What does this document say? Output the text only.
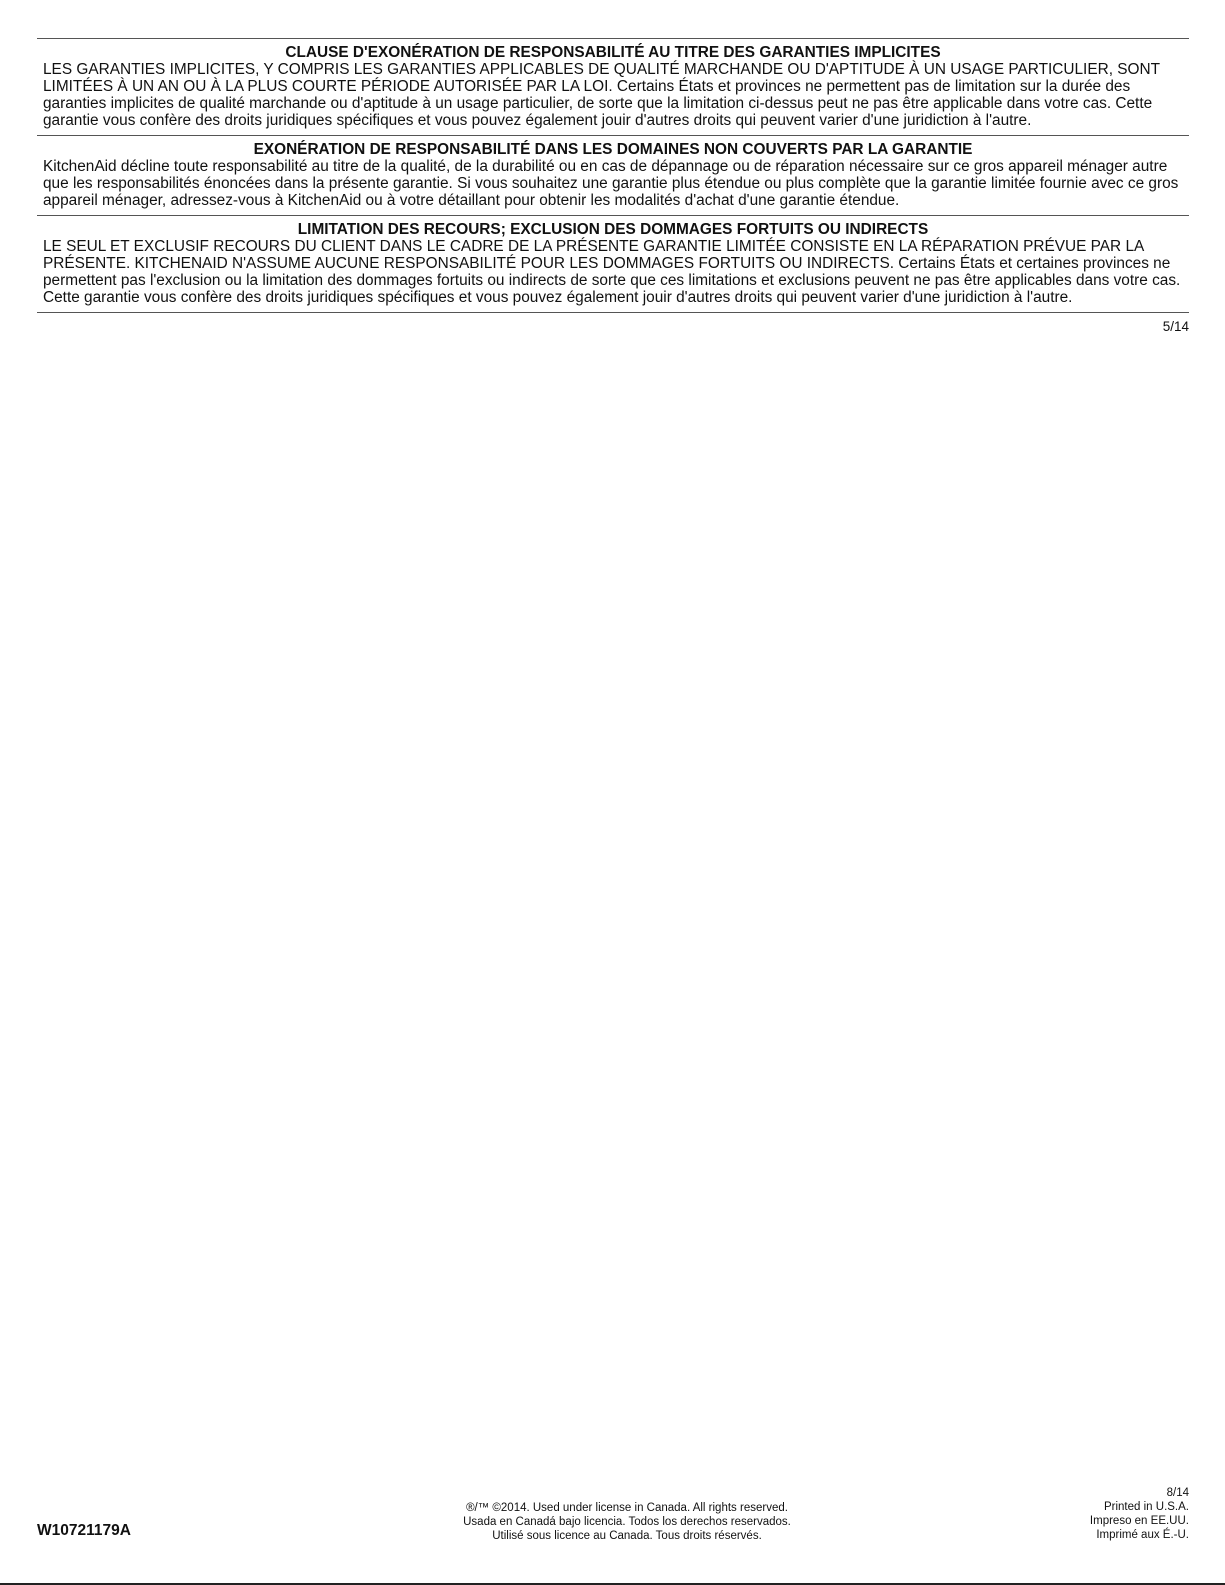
CLAUSE D'EXONÉRATION DE RESPONSABILITÉ AU TITRE DES GARANTIES IMPLICITES

LES GARANTIES IMPLICITES, Y COMPRIS LES GARANTIES APPLICABLES DE QUALITÉ MARCHANDE OU D'APTITUDE À UN USAGE PARTICULIER, SONT LIMITÉES À UN AN OU À LA PLUS COURTE PÉRIODE AUTORISÉE PAR LA LOI. Certains États et provinces ne permettent pas de limitation sur la durée des garanties implicites de qualité marchande ou d'aptitude à un usage particulier, de sorte que la limitation ci-dessus peut ne pas être applicable dans votre cas. Cette garantie vous confère des droits juridiques spécifiques et vous pouvez également jouir d'autres droits qui peuvent varier d'une juridiction à l'autre.

EXONÉRATION DE RESPONSABILITÉ DANS LES DOMAINES NON COUVERTS PAR LA GARANTIE

KitchenAid décline toute responsabilité au titre de la qualité, de la durabilité ou en cas de dépannage ou de réparation nécessaire sur ce gros appareil ménager autre que les responsabilités énoncées dans la présente garantie. Si vous souhaitez une garantie plus étendue ou plus complète que la garantie limitée fournie avec ce gros appareil ménager, adressez-vous à KitchenAid ou à votre détaillant pour obtenir les modalités d'achat d'une garantie étendue.

LIMITATION DES RECOURS; EXCLUSION DES DOMMAGES FORTUITS OU INDIRECTS

LE SEUL ET EXCLUSIF RECOURS DU CLIENT DANS LE CADRE DE LA PRÉSENTE GARANTIE LIMITÉE CONSISTE EN LA RÉPARATION PRÉVUE PAR LA PRÉSENTE. KITCHENAID N'ASSUME AUCUNE RESPONSABILITÉ POUR LES DOMMAGES FORTUITS OU INDIRECTS. Certains États et certaines provinces ne permettent pas l'exclusion ou la limitation des dommages fortuits ou indirects de sorte que ces limitations et exclusions peuvent ne pas être applicables dans votre cas. Cette garantie vous confère des droits juridiques spécifiques et vous pouvez également jouir d'autres droits qui peuvent varier d'une juridiction à l'autre.

5/14
W10721179A
®/™ ©2014. Used under license in Canada. All rights reserved.
Usada en Canadá bajo licencia. Todos los derechos reservados.
Utilisé sous licence au Canada. Tous droits réservés.
8/14
Printed in U.S.A.
Impreso en EE.UU.
Imprimé aux É.-U.
